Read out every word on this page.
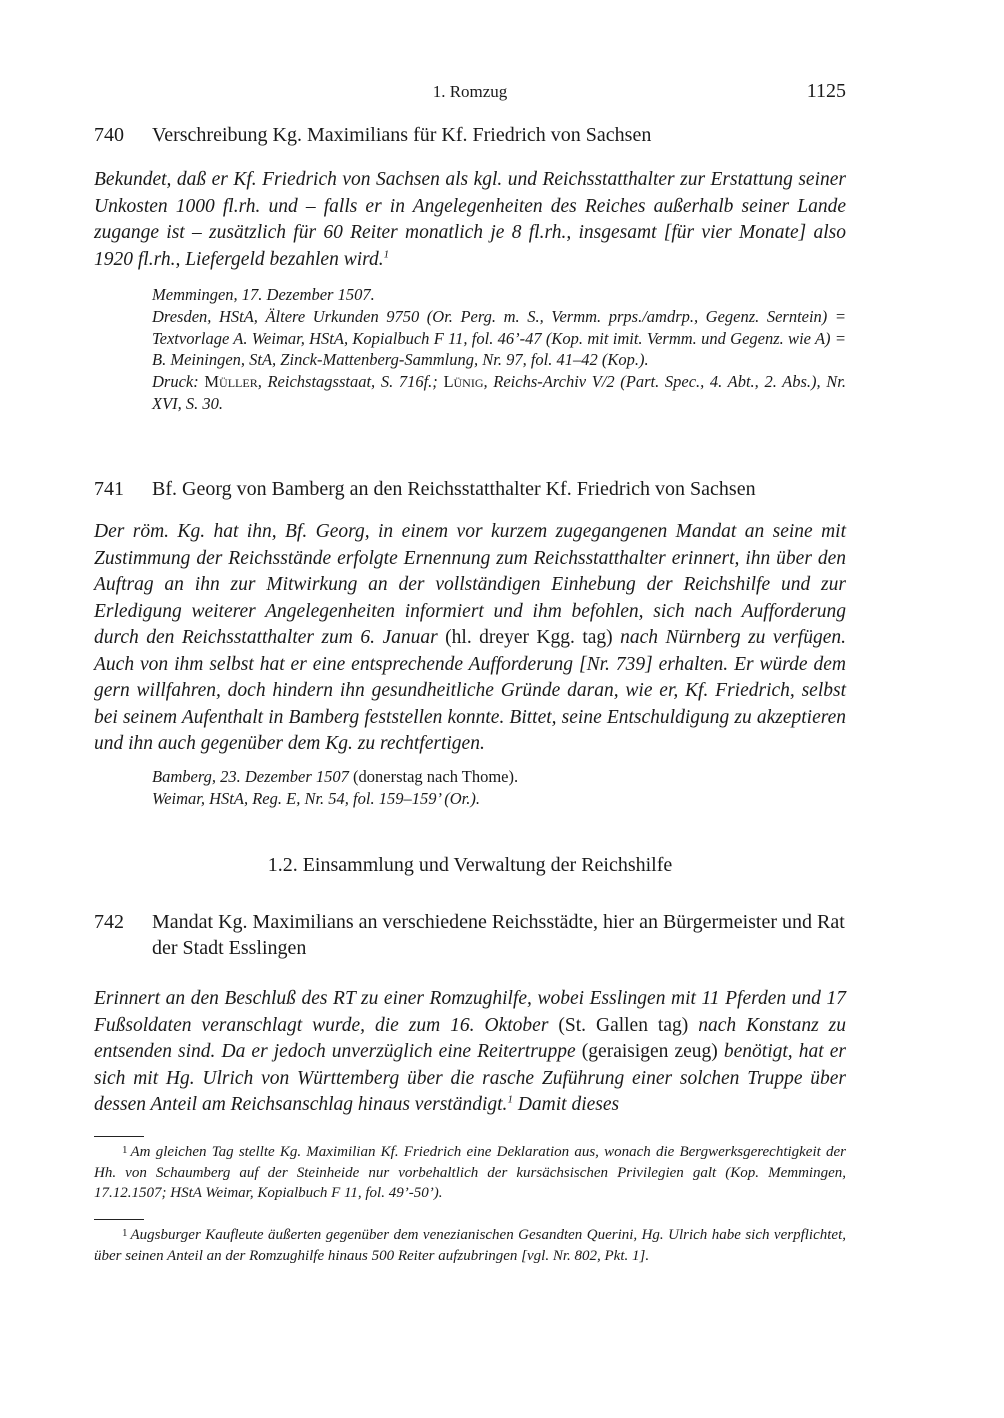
1. Romzug	1125
740	Verschreibung Kg. Maximilians für Kf. Friedrich von Sachsen
Bekundet, daß er Kf. Friedrich von Sachsen als kgl. und Reichsstatthalter zur Erstattung seiner Unkosten 1000 fl.rh. und – falls er in Angelegenheiten des Reiches außerhalb seiner Lande zugange ist – zusätzlich für 60 Reiter monatlich je 8 fl.rh., insgesamt [für vier Monate] also 1920 fl.rh., Liefergeld bezahlen wird.$^1$
Memmingen, 17. Dezember 1507.
Dresden, HStA, Ältere Urkunden 9750 (Or. Perg. m. S., Vermm. prps./amdrp., Gegenz. Serntein) = Textvorlage A. Weimar, HStA, Kopialbuch F 11, fol. 46’-47 (Kop. mit imit. Vermm. und Gegenz. wie A) = B. Meiningen, StA, Zinck-Mattenberg-Sammlung, Nr. 97, fol. 41–42 (Kop.).
Druck: Müller, Reichstagsstaat, S. 716f.; Lünig, Reichs-Archiv V/2 (Part. Spec., 4. Abt., 2. Abs.), Nr. XVI, S. 30.
741	Bf. Georg von Bamberg an den Reichsstatthalter Kf. Friedrich von Sachsen
Der röm. Kg. hat ihn, Bf. Georg, in einem vor kurzem zugegangenen Mandat an seine mit Zustimmung der Reichsstände erfolgte Ernennung zum Reichsstatthalter erinnert, ihn über den Auftrag an ihn zur Mitwirkung an der vollständigen Einhebung der Reichshilfe und zur Erledigung weiterer Angelegenheiten informiert und ihm befohlen, sich nach Aufforderung durch den Reichsstatthalter zum 6. Januar (hl. dreyer Kgg. tag) nach Nürnberg zu verfügen. Auch von ihm selbst hat er eine entsprechende Aufforderung [Nr. 739] erhalten. Er würde dem gern willfahren, doch hindern ihn gesundheitliche Gründe daran, wie er, Kf. Friedrich, selbst bei seinem Aufenthalt in Bamberg feststellen konnte. Bittet, seine Entschuldigung zu akzeptieren und ihn auch gegenüber dem Kg. zu rechtfertigen.
Bamberg, 23. Dezember 1507 (donerstag nach Thome).
Weimar, HStA, Reg. E, Nr. 54, fol. 159–159’ (Or.).
1.2. Einsammlung und Verwaltung der Reichshilfe
742	Mandat Kg. Maximilians an verschiedene Reichsstädte, hier an Bürgermeister und Rat der Stadt Esslingen
Erinnert an den Beschluß des RT zu einer Romzughilfe, wobei Esslingen mit 11 Pferden und 17 Fußsoldaten veranschlagt wurde, die zum 16. Oktober (St. Gallen tag) nach Konstanz zu entsenden sind. Da er jedoch unverzüglich eine Reitertruppe (geraisigen zeug) benötigt, hat er sich mit Hg. Ulrich von Württemberg über die rasche Zuführung einer solchen Truppe über dessen Anteil am Reichsanschlag hinaus verständigt.$^1$ Damit dieses
$^1$ Am gleichen Tag stellte Kg. Maximilian Kf. Friedrich eine Deklaration aus, wonach die Bergwerksgerechtigkeit der Hh. von Schaumberg auf der Steinheide nur vorbehaltlich der kursächsischen Privilegien galt (Kop. Memmingen, 17.12.1507; HStA Weimar, Kopialbuch F 11, fol. 49’-50’).
$^1$ Augsburger Kaufleute äußerten gegenüber dem venezianischen Gesandten Querini, Hg. Ulrich habe sich verpflichtet, über seinen Anteil an der Romzughilfe hinaus 500 Reiter aufzubringen [vgl. Nr. 802, Pkt. 1].
